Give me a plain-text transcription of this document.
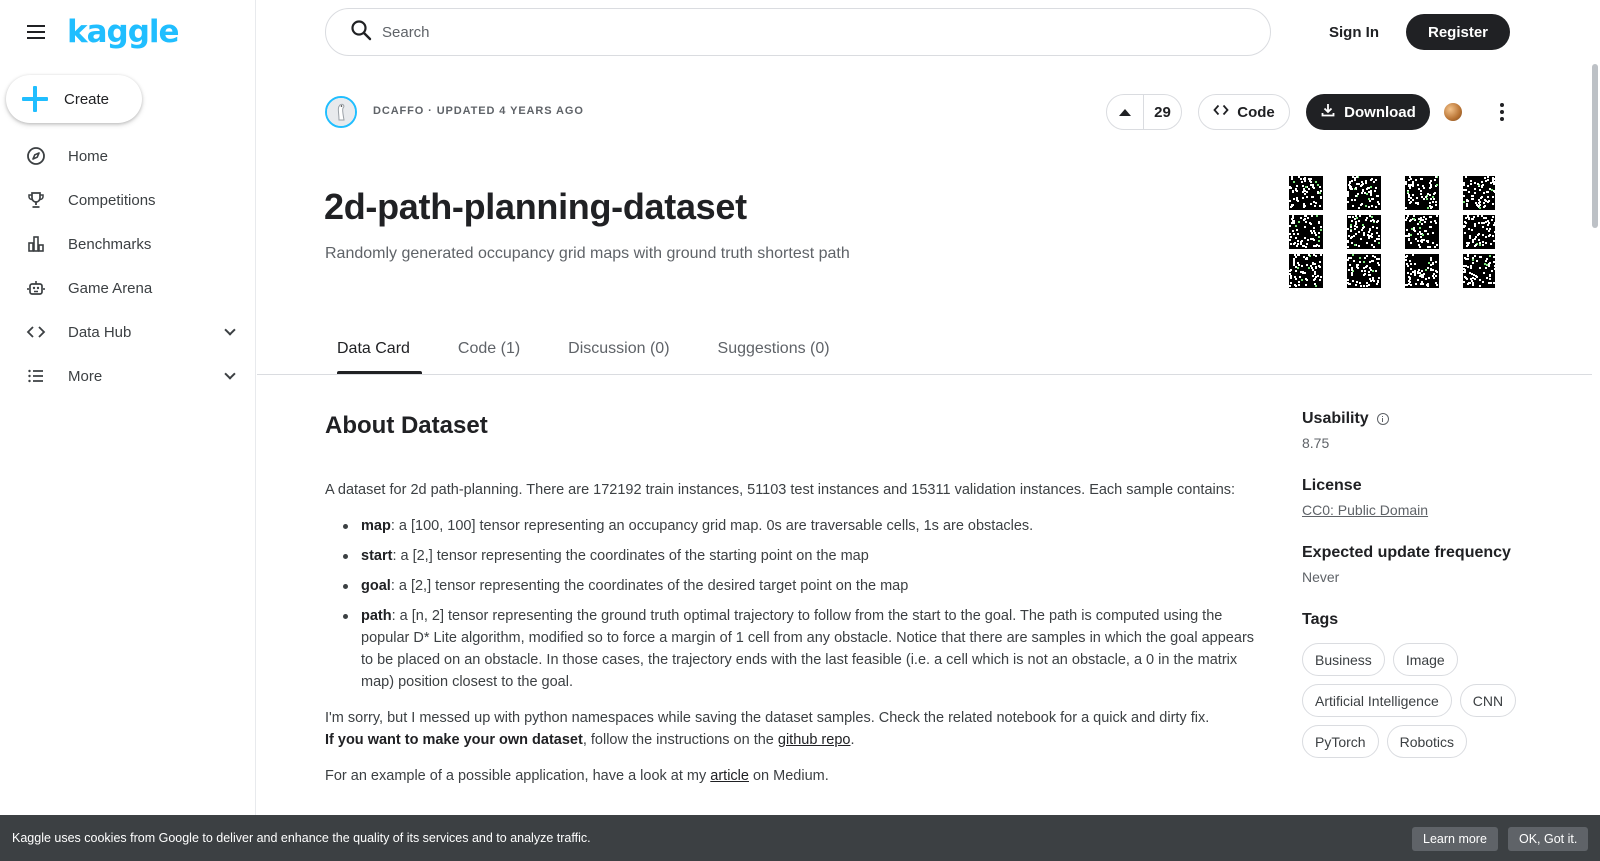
kaggle
Create
Home
Competitions
Benchmarks
Game Arena
Data Hub
More
Search
Sign In	Register
DCAFFO · UPDATED 4 YEARS AGO	29	Code	Download
2d-path-planning-dataset
Randomly generated occupancy grid maps with ground truth shortest path
Data Card	Code (1)	Discussion (0)	Suggestions (0)
About Dataset

A dataset for 2d path-planning. There are 172192 train instances, 51103 test instances and 15311 validation instances. Each sample contains:

map: a [100, 100] tensor representing an occupancy grid map. 0s are traversable cells, 1s are obstacles.
start: a [2,] tensor representing the coordinates of the starting point on the map
goal: a [2,] tensor representing the coordinates of the desired target point on the map
path: a [n, 2] tensor representing the ground truth optimal trajectory to follow from the start to the goal. The path is computed using the popular D* Lite algorithm, modified so to force a margin of 1 cell from any obstacle. Notice that there are samples in which the goal appears to be placed on an obstacle. In those cases, the trajectory ends with the last feasible (i.e. a cell which is not an obstacle, a 0 in the matrix map) position closest to the goal.

I'm sorry, but I messed up with python namespaces while saving the dataset samples. Check the related notebook for a quick and dirty fix.
If you want to make your own dataset, follow the instructions on the github repo.

For an example of a possible application, have a look at my article on Medium.

Usability
8.75
License
CC0: Public Domain
Expected update frequency
Never
Tags
Business	Image
Artificial Intelligence	CNN
PyTorch	Robotics
Kaggle uses cookies from Google to deliver and enhance the quality of its services and to analyze traffic.	Learn more	OK, Got it.
